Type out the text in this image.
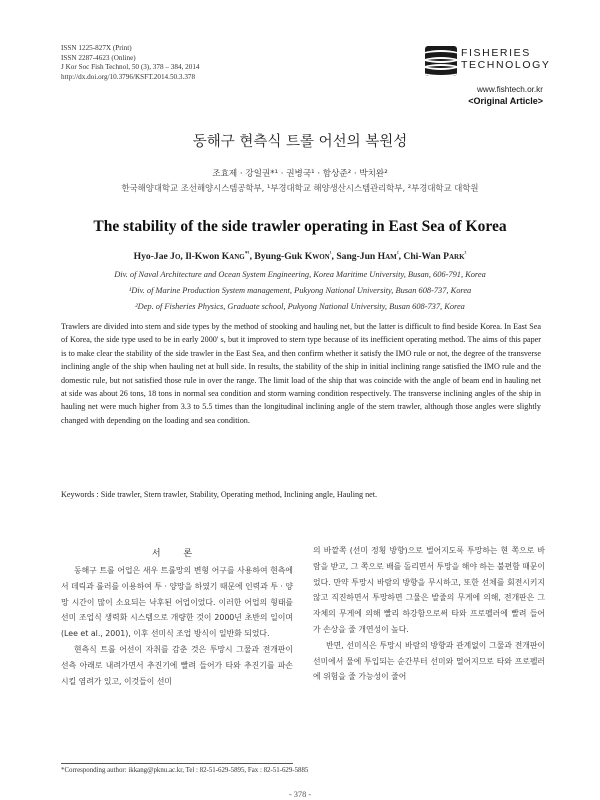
ISSN 1225-827X (Print)
ISSN 2287-4623 (Online)
J Kor Soc Fish Technol, 50 (3), 378 – 384, 2014
http://dx.doi.org/10.3796/KSFT.2014.50.3.378
FISHERIES
TECHNOLOGY
www.fishtech.or.kr
<Original Article>
동해구 현측식 트롤 어선의 복원성
조효제 · 강일권*¹ · 권병국¹ · 함상준² · 박치완²
한국해양대학교 조선해양시스템공학부, ¹부경대학교 해양생산시스템관리학부, ²부경대학교 대학원
The stability of the side trawler operating in East Sea of Korea
Hyo-Jae Jo, Il-Kwon Kang$^{*^1}$, Byung-Guk Kwon$^{^1}$, Sang-Jun Ham$^{^2}$, Chi-Wan Park$^{^2}$
Div. of Naval Architecture and Ocean System Engineering, Korea Maritime University, Busan, 606-791, Korea
¹Div. of Marine Production System management, Pukyong National University, Busan 608-737, Korea
²Dep. of Fisheries Physics, Graduate school, Pukyong National University, Busan 608-737, Korea
Trawlers are divided into stern and side types by the method of stooking and hauling net, but the latter is difficult to find beside Korea. In East Sea of Korea, the side type used to be in early 2000' s, but it improved to stern type because of its inefficient operating method. The aims of this paper is to make clear the stability of the side trawler in the East Sea, and then confirm whether it satisfy the IMO rule or not, the degree of the transverse inclining angle of the ship when hauling net at hull side. In results, the stability of the ship in initial inclining range satisfied the IMO rule and the domestic rule, but not satisfied those rule in over the range. The limit load of the ship that was coincide with the angle of beam end in hauling net at side was about 26 tons, 18 tons in normal sea condition and storm warning condition respectively. The transverse inclining angles of the ship in hauling net were much higher from 3.3 to 5.5 times than the longitudinal inclining angle of the stern trawler, although those angles were slightly changed with depending on the loading and sea condition.
Keywords : Side trawler, Stern trawler, Stability, Operating method, Inclining angle, Hauling net.
서 론

동해구 트롤 어업은 새우 트롤망의 변형 어구를 사용하여 현측에서 데릭과 롤러를 이용하여 투 · 양망을 하였기 때문에 인력과 투 · 양망 시간이 많이 소요되는 낙후된 어업이었다. 이러한 어업의 형태를 선미 조업식 생력화 시스템으로 개량한 것이 2000년 초반의 일이며 (Lee et al., 2001), 이후 선미식 조업 방식이 일반화 되었다.

현측식 트롤 어선이 자취를 감춘 것은 투망시 그물과 전개판이 선측 아래로 내려가면서 추진기에 빨려 들어가 타와 추진기를 파손시킬 염려가 있고, 이것들이 선미

의 바깥쪽 (선미 정횡 방향)으로 벌어지도록 투망하는 현 쪽으로 바람을 받고, 그 쪽으로 배를 돌리면서 투망을 해야 하는 불편함 때문이었다. 만약 투망시 바람의 방향을 무시하고, 또한 선체를 회전시키지 않고 직진하면서 투망하면 그물은 발줄의 무게에 의해, 전개판은 그 자체의 무게에 의해 빨리 하강함으로써 타와 프로펠러에 빨려 들어가 손상을 줄 개연성이 높다.

반면, 선미식은 투망시 바람의 방향과 관계없이 그물과 전개판이 선미에서 물에 투입되는 순간부터 선미와 멀어지므로 타와 프로펠러에 위험을 줄 가능성이 줄어

*Corresponding author: ikkang@pknu.ac.kr, Tel : 82-51-629-5895, Fax : 82-51-629-5885
- 378 -
